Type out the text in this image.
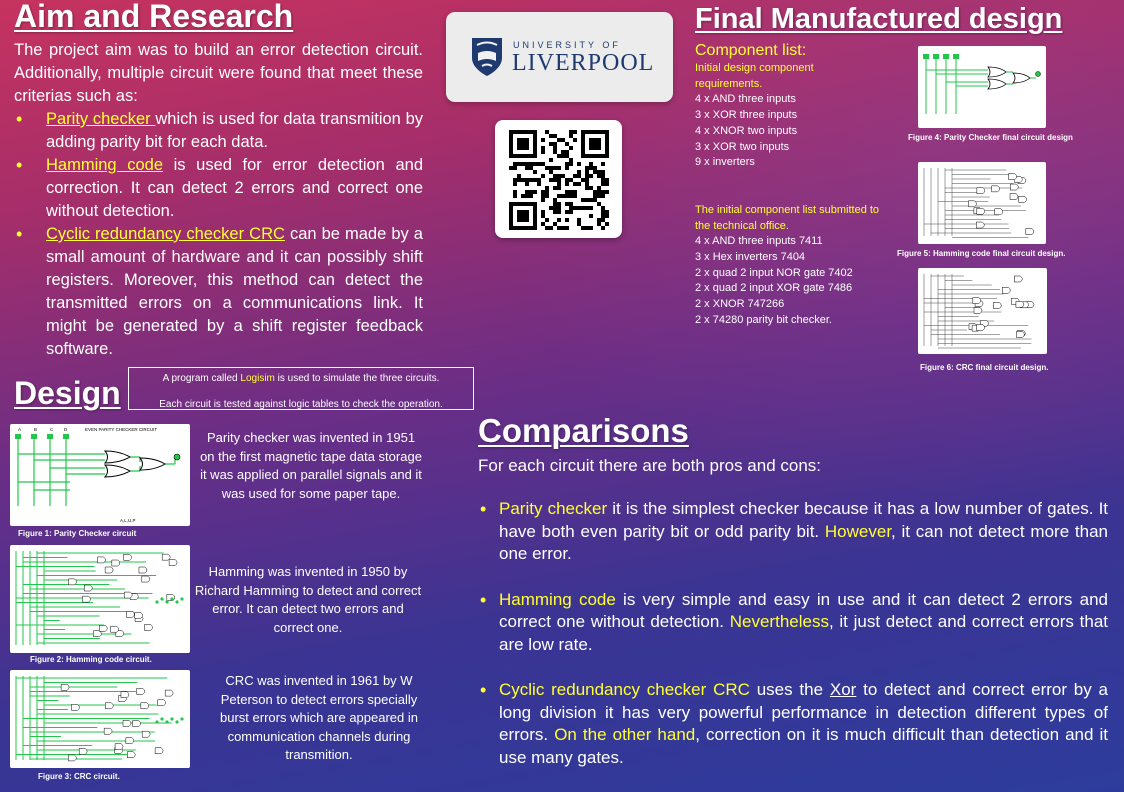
Aim and Research

The project aim was to build an error detection circuit. Additionally, multiple circuit were found that meet these criterias such as:

• Parity checker which is used for data transmition by adding parity bit for each data.
• Hamming code is used for error detection and correction. It can detect 2 errors and correct one without detection.
• Cyclic redundancy checker CRC can be made by a small amount of hardware and it can possibly shift registers. Moreover, this method can detect the transmitted errors on a communications link. It might be generated by a shift register feedback software.
UNIVERSITY OF
LIVERPOOL
Design	A program called Logisim is used to simulate the three circuits.
Each circuit is tested against logic tables to check the operation.
A	B	C D	EVEN PARITY CHECKER CIRCUIT
A,L,U,P
Figure 1: Parity Checker circuit
Parity checker was invented in 1951 on the first magnetic tape data storage it was applied on parallel signals and it was used for some paper tape.
Figure 2: Hamming code circuit.
Hamming was invented in 1950 by Richard Hamming to detect and correct error. It can detect two errors and correct one.
Figure 3: CRC circuit.
CRC was invented in 1961 by W Peterson to detect errors specially burst errors which are appeared in communication channels during transmition.
Final Manufactured design
Component list:
Initial design component requirements.
4 x AND three inputs
3 x XOR three inputs
4 x XNOR two inputs
3 x XOR two inputs
9 x inverters
The initial component list submitted to the technical office.
4 x AND three inputs 7411
3 x Hex inverters 7404
2 x quad 2 input NOR gate 7402
2 x quad 2 input XOR gate 7486
2 x XNOR 747266
2 x 74280 parity bit checker.
Figure 4: Parity Checker final circuit design
Figure 5: Hamming code final circuit design.
Figure 6: CRC final circuit design.
Comparisons
For each circuit there are both pros and cons:
• Parity checker it is the simplest checker because it has a low number of gates. It have both even parity bit or odd parity bit. However, it can not detect more than one error.
• Hamming code is very simple and easy in use and it can detect 2 errors and correct one without detection. Nevertheless, it just detect and correct errors that are low rate.
• Cyclic redundancy checker CRC uses the Xor to detect and correct error by a long division it has very powerful performance in detection different types of errors. On the other hand, correction on it is much difficult than detection and it use many gates.
